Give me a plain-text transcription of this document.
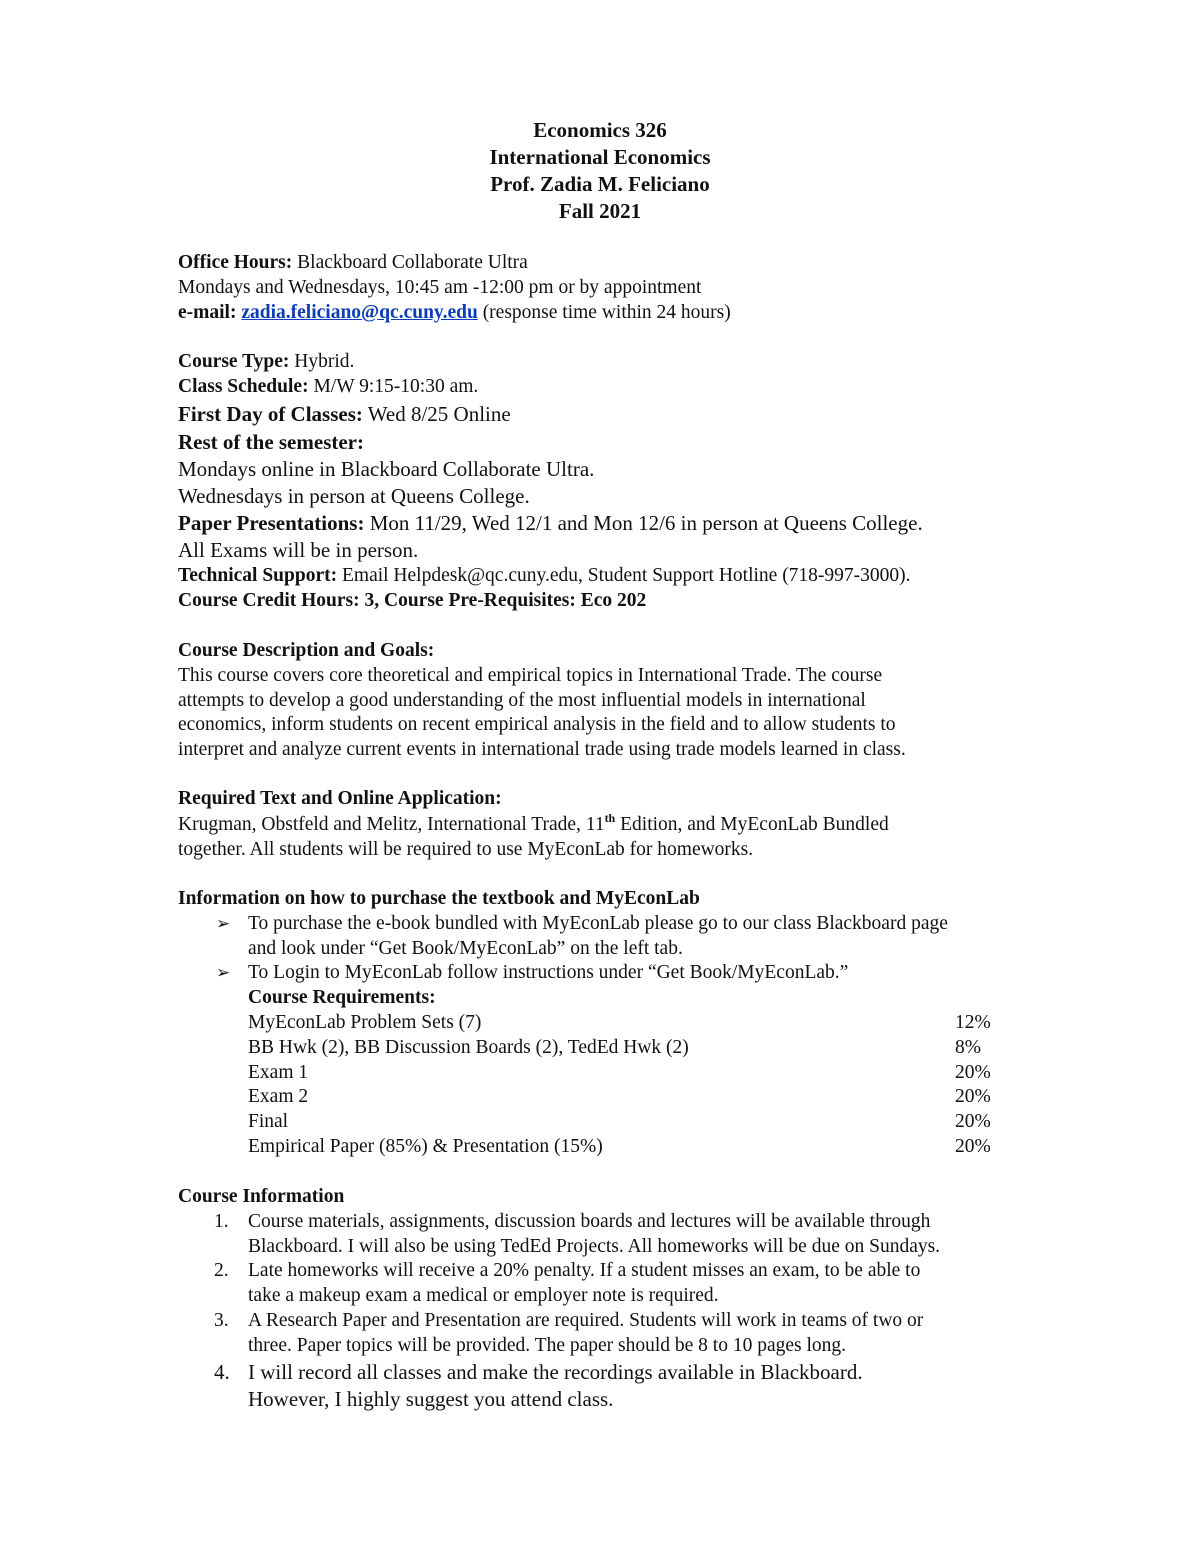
Economics 326
International Economics
Prof. Zadia M. Feliciano
Fall 2021
Office Hours: Blackboard Collaborate Ultra
Mondays and Wednesdays, 10:45 am -12:00 pm or by appointment
e-mail: zadia.feliciano@qc.cuny.edu (response time within 24 hours)
Course Type: Hybrid.
Class Schedule: M/W 9:15-10:30 am.
First Day of Classes: Wed 8/25 Online
Rest of the semester:
Mondays online in Blackboard Collaborate Ultra.
Wednesdays in person at Queens College.
Paper Presentations: Mon 11/29, Wed 12/1 and Mon 12/6 in person at Queens College.
All Exams will be in person.
Technical Support: Email Helpdesk@qc.cuny.edu, Student Support Hotline (718-997-3000).
Course Credit Hours: 3, Course Pre-Requisites: Eco 202
Course Description and Goals:
This course covers core theoretical and empirical topics in International Trade. The course
attempts to develop a good understanding of the most influential models in international
economics, inform students on recent empirical analysis in the field and to allow students to
interpret and analyze current events in international trade using trade models learned in class.
Required Text and Online Application:
Krugman, Obstfeld and Melitz, International Trade, 11th Edition, and MyEconLab Bundled
together. All students will be required to use MyEconLab for homeworks.
Information on how to purchase the textbook and MyEconLab
➢ To purchase the e-book bundled with MyEconLab please go to our class Blackboard page
and look under “Get Book/MyEconLab” on the left tab.
➢ To Login to MyEconLab follow instructions under “Get Book/MyEconLab.”
Course Requirements:
MyEconLab Problem Sets (7)	12%
BB Hwk (2), BB Discussion Boards (2), TedEd Hwk (2)	8%
Exam 1	20%
Exam 2	20%
Final	20%
Empirical Paper (85%) & Presentation (15%)	20%
Course Information
1. Course materials, assignments, discussion boards and lectures will be available through
Blackboard. I will also be using TedEd Projects. All homeworks will be due on Sundays.
2. Late homeworks will receive a 20% penalty. If a student misses an exam, to be able to
take a makeup exam a medical or employer note is required.
3. A Research Paper and Presentation are required. Students will work in teams of two or
three. Paper topics will be provided. The paper should be 8 to 10 pages long.
4. I will record all classes and make the recordings available in Blackboard.
However, I highly suggest you attend class.
